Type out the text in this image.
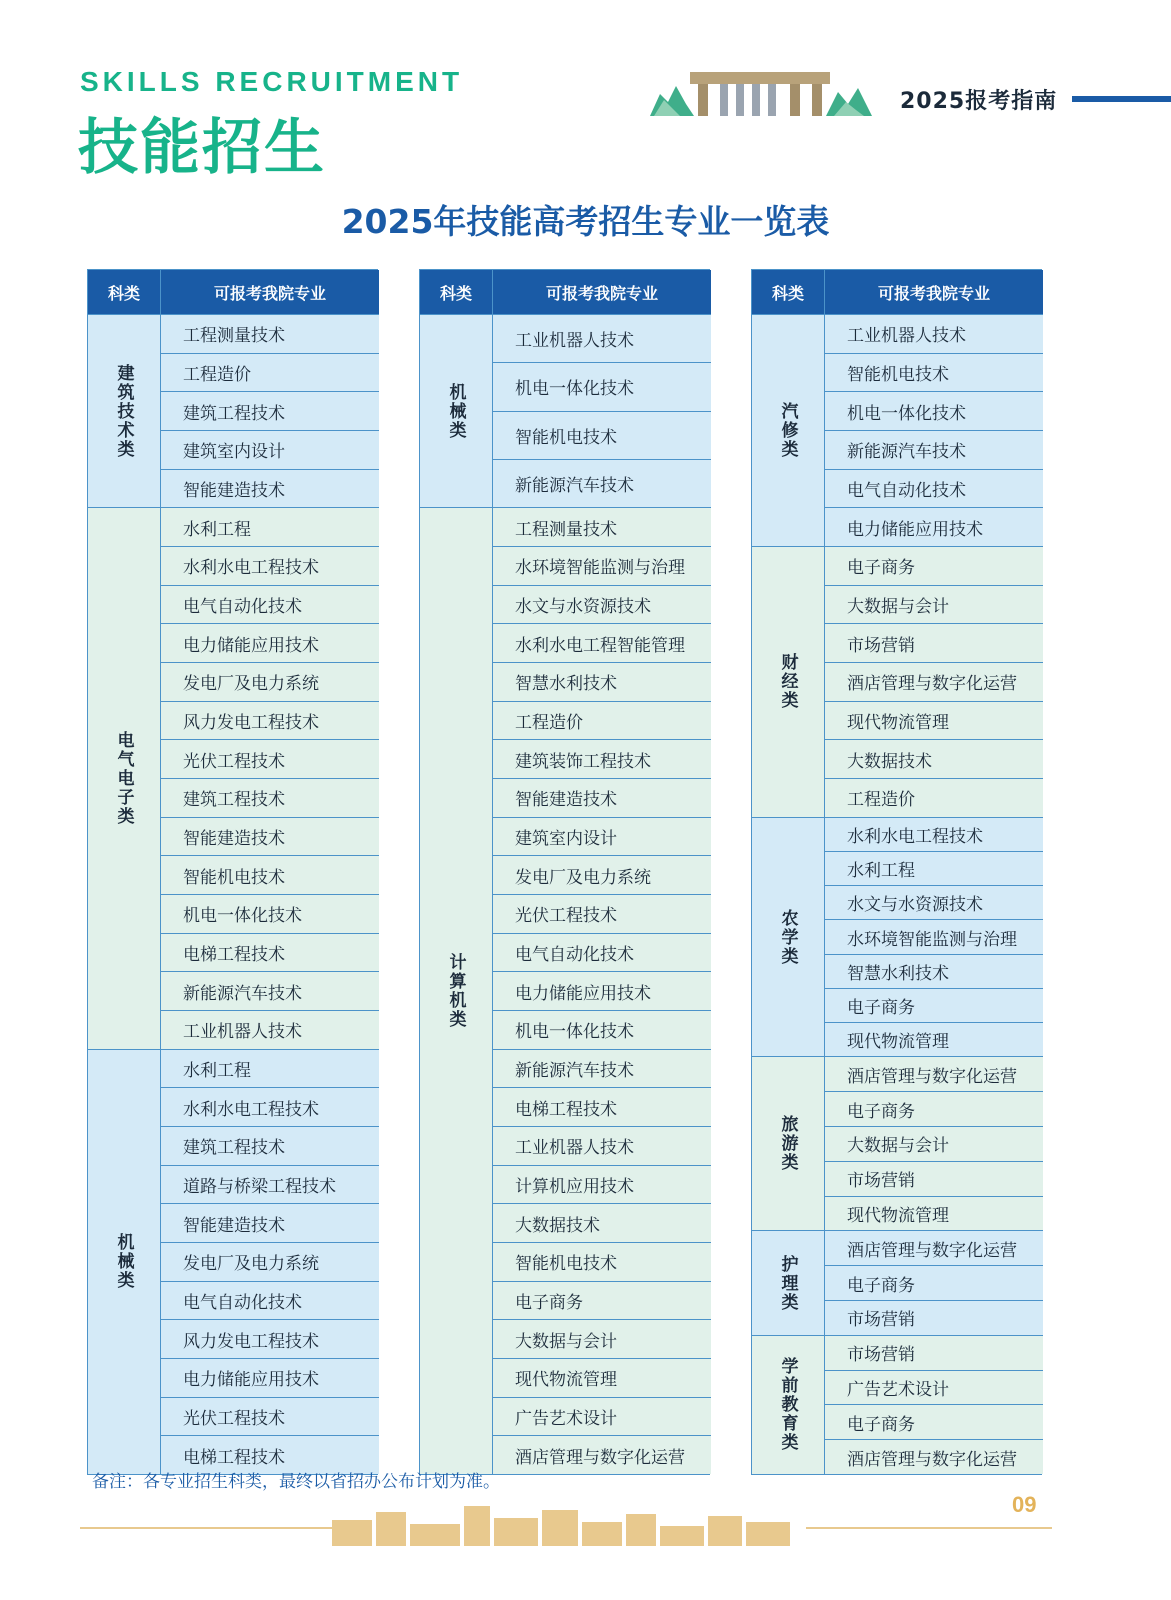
SKILLS RECRUITMENT
技能招生
2025报考指南
2025年技能高考招生专业一览表
科类	可报考我院专业
建筑技术类
工程测量技术
工程造价
建筑工程技术
建筑室内设计
智能建造技术
电气电子类
水利工程
水利水电工程技术
电气自动化技术
电力储能应用技术
发电厂及电力系统
风力发电工程技术
光伏工程技术
建筑工程技术
智能建造技术
智能机电技术
机电一体化技术
电梯工程技术
新能源汽车技术
工业机器人技术
机械类
水利工程
水利水电工程技术
建筑工程技术
道路与桥梁工程技术
智能建造技术
发电厂及电力系统
电气自动化技术
风力发电工程技术
电力储能应用技术
光伏工程技术
电梯工程技术
科类	可报考我院专业
机械类
工业机器人技术
机电一体化技术
智能机电技术
新能源汽车技术
计算机类
工程测量技术
水环境智能监测与治理
水文与水资源技术
水利水电工程智能管理
智慧水利技术
工程造价
建筑装饰工程技术
智能建造技术
建筑室内设计
发电厂及电力系统
光伏工程技术
电气自动化技术
电力储能应用技术
机电一体化技术
新能源汽车技术
电梯工程技术
工业机器人技术
计算机应用技术
大数据技术
智能机电技术
电子商务
大数据与会计
现代物流管理
广告艺术设计
酒店管理与数字化运营
科类	可报考我院专业
汽修类
工业机器人技术
智能机电技术
机电一体化技术
新能源汽车技术
电气自动化技术
电力储能应用技术
财经类
电子商务
大数据与会计
市场营销
酒店管理与数字化运营
现代物流管理
大数据技术
工程造价
农学类
水利水电工程技术
水利工程
水文与水资源技术
水环境智能监测与治理
智慧水利技术
电子商务
现代物流管理
旅游类
酒店管理与数字化运营
电子商务
大数据与会计
市场营销
现代物流管理
护理类
酒店管理与数字化运营
电子商务
市场营销
学前教育类
市场营销
广告艺术设计
电子商务
酒店管理与数字化运营
备注：各专业招生科类，最终以省招办公布计划为准。
09
